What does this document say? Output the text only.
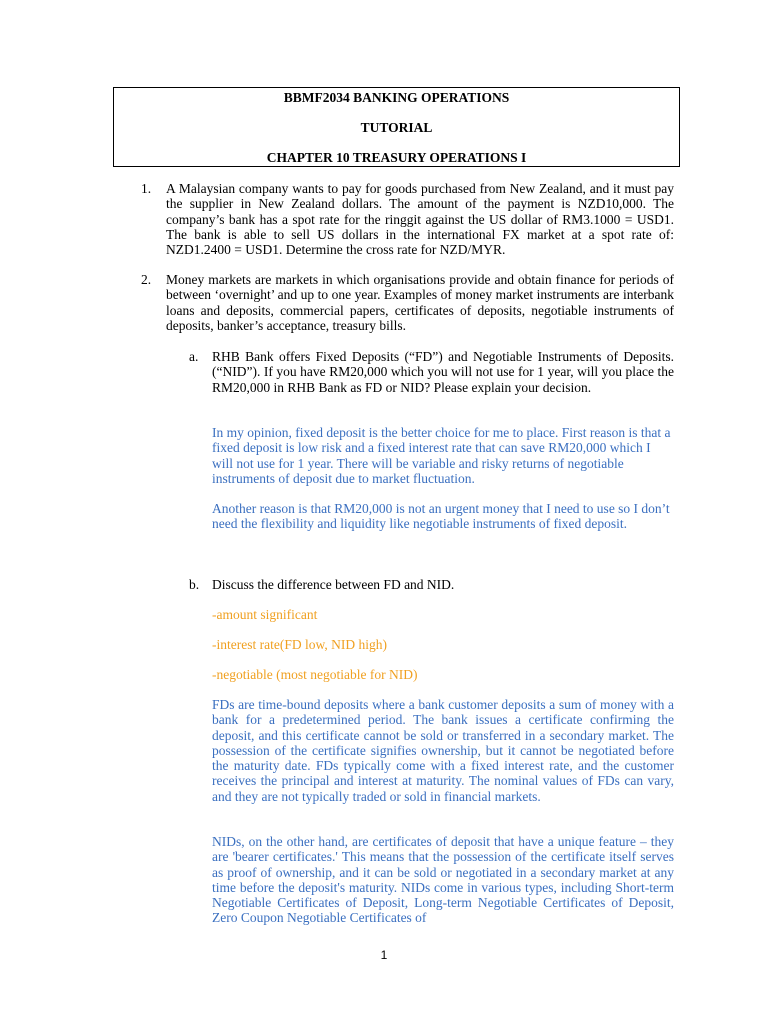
BBMF2034 BANKING OPERATIONS
TUTORIAL
CHAPTER 10 TREASURY OPERATIONS I
1. A Malaysian company wants to pay for goods purchased from New Zealand, and it must pay the supplier in New Zealand dollars. The amount of the payment is NZD10,000. The company’s bank has a spot rate for the ringgit against the US dollar of RM3.1000 = USD1. The bank is able to sell US dollars in the international FX market at a spot rate of: NZD1.2400 = USD1. Determine the cross rate for NZD/MYR.

2. Money markets are markets in which organisations provide and obtain finance for periods of between ‘overnight’ and up to one year. Examples of money market instruments are interbank loans and deposits, commercial papers, certificates of deposits, negotiable instruments of deposits, banker’s acceptance, treasury bills.

a. RHB Bank offers Fixed Deposits (“FD”) and Negotiable Instruments of Deposits. (“NID”). If you have RM20,000 which you will not use for 1 year, will you place the RM20,000 in RHB Bank as FD or NID? Please explain your decision.

In my opinion, fixed deposit is the better choice for me to place. First reason is that a fixed deposit is low risk and a fixed interest rate that can save RM20,000 which I will not use for 1 year. There will be variable and risky returns of negotiable instruments of deposit due to market fluctuation.

Another reason is that RM20,000 is not an urgent money that I need to use so I don’t need the flexibility and liquidity like negotiable instruments of fixed deposit.

b. Discuss the difference between FD and NID.

-amount significant

-interest rate(FD low, NID high)

-negotiable (most negotiable for NID)

FDs are time-bound deposits where a bank customer deposits a sum of money with a bank for a predetermined period. The bank issues a certificate confirming the deposit, and this certificate cannot be sold or transferred in a secondary market. The possession of the certificate signifies ownership, but it cannot be negotiated before the maturity date. FDs typically come with a fixed interest rate, and the customer receives the principal and interest at maturity. The nominal values of FDs can vary, and they are not typically traded or sold in financial markets.

NIDs, on the other hand, are certificates of deposit that have a unique feature – they are 'bearer certificates.' This means that the possession of the certificate itself serves as proof of ownership, and it can be sold or negotiated in a secondary market at any time before the deposit's maturity. NIDs come in various types, including Short-term Negotiable Certificates of Deposit, Long-term Negotiable Certificates of Deposit, Zero Coupon Negotiable Certificates of

1
